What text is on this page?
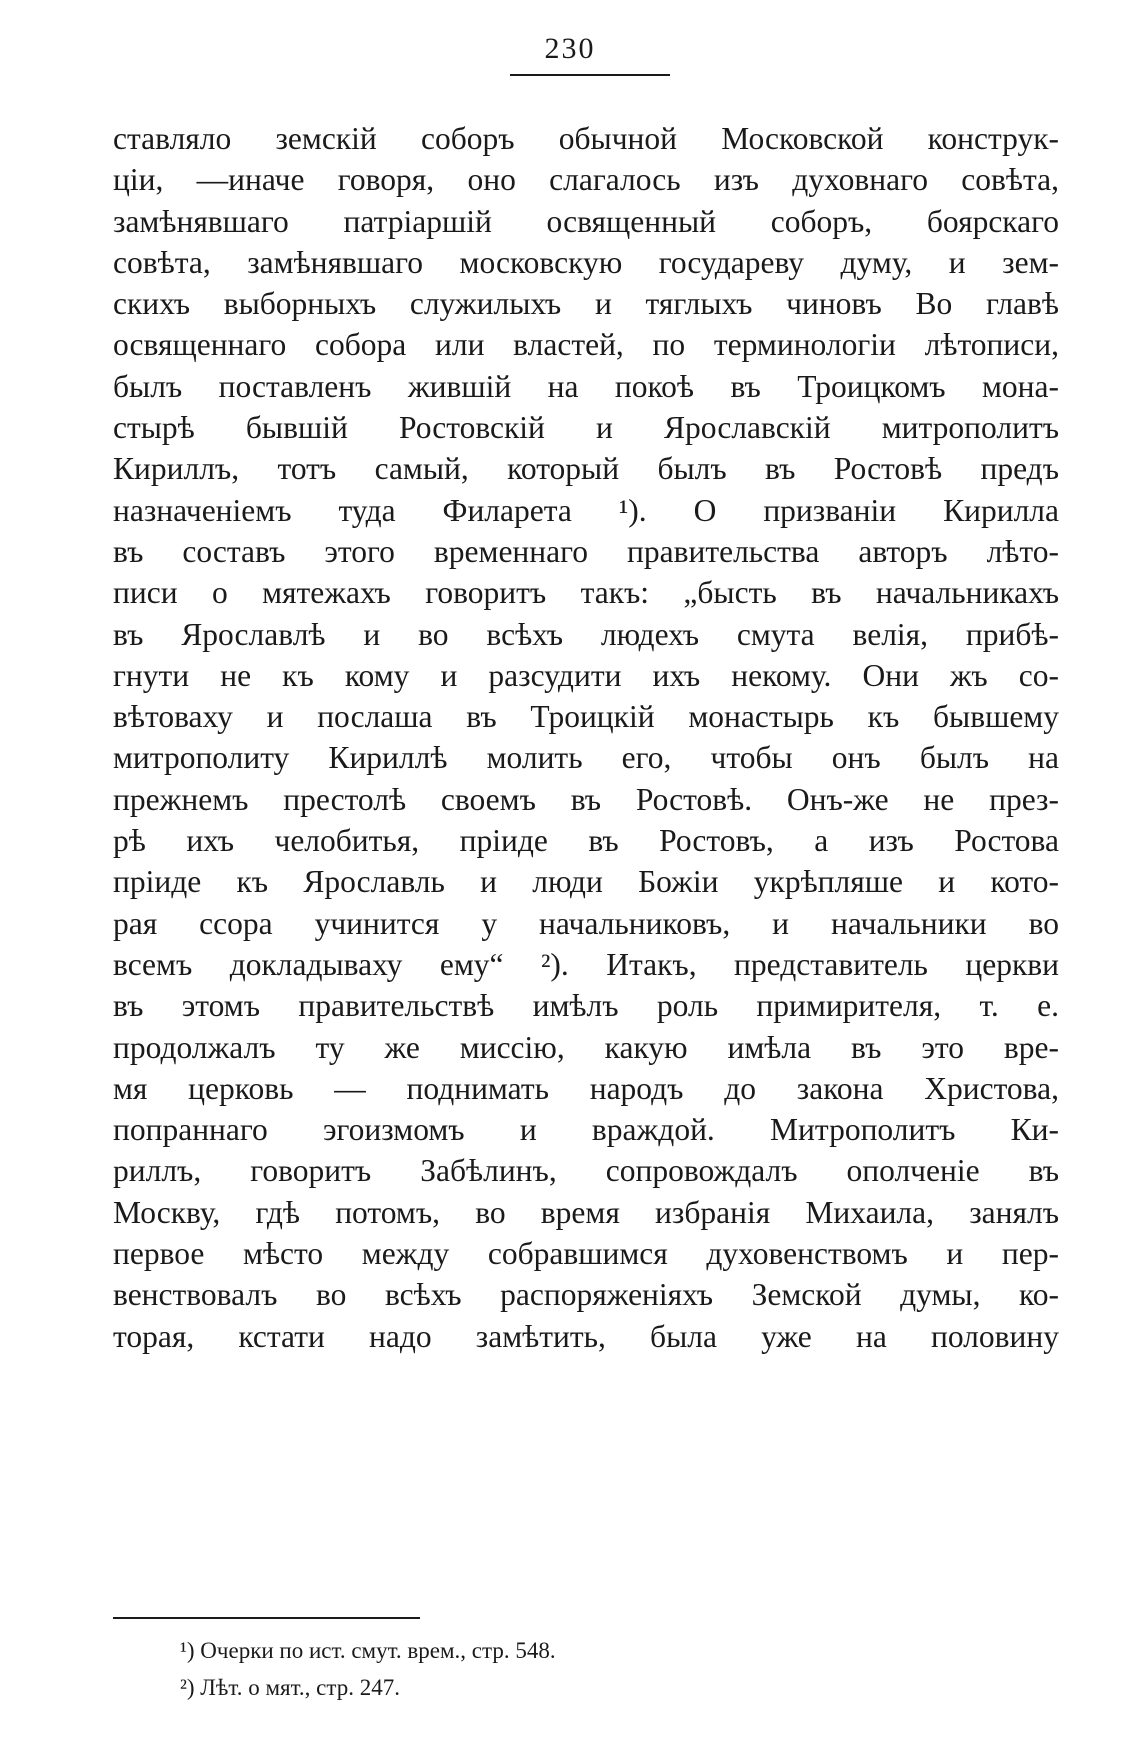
230
ставляло земскій соборъ обычной Московской конструк-
ціи, —иначе говоря, оно слагалось изъ духовнаго совѣта,
замѣнявшаго патріаршій освященный соборъ, боярскаго
совѣта, замѣнявшаго московскую государеву думу, и зем-
скихъ выборныхъ служилыхъ и тяглыхъ чиновъ Во главѣ
освященнаго собора или властей, по терминологіи лѣтописи,
былъ поставленъ жившій на покоѣ въ Троицкомъ мона-
стырѣ бывшій Ростовскій и Ярославскій митрополитъ
Кириллъ, тотъ самый, который былъ въ Ростовѣ предъ
назначеніемъ туда Филарета ¹). О призваніи Кирилла
въ составъ этого временнаго правительства авторъ лѣто-
писи о мятежахъ говоритъ такъ: „бысть въ начальникахъ
въ Ярославлѣ и во всѣхъ людехъ смута велія, прибѣ-
гнути не къ кому и разсудити ихъ некому. Они жъ со-
вѣтоваху и послаша въ Троицкій монастырь къ бывшему
митрополиту Кириллѣ молить его, чтобы онъ былъ на
прежнемъ престолѣ своемъ въ Ростовѣ. Онъ-же не през-
рѣ ихъ челобитья, пріиде въ Ростовъ, а изъ Ростова
пріиде къ Ярославль и люди Божіи укрѣпляше и кото-
рая ссора учинится у начальниковъ, и начальники во
всемъ докладываху ему“ ²). Итакъ, представитель церкви
въ этомъ правительствѣ имѣлъ роль примирителя, т. е.
продолжалъ ту же миссію, какую имѣла въ это вре-
мя церковь — поднимать народъ до закона Христова,
попраннаго эгоизмомъ и враждой. Митрополитъ Ки-
риллъ, говоритъ Забѣлинъ, сопровождалъ ополченіе въ
Москву, гдѣ потомъ, во время избранія Михаила, занялъ
первое мѣсто между собравшимся духовенствомъ и пер-
венствовалъ во всѣхъ распоряженіяхъ Земской думы, ко-
торая, кстати надо замѣтить, была уже на половину
¹) Очерки по ист. смут. врем., стр. 548.
²) Лѣт. о мят., стр. 247.
